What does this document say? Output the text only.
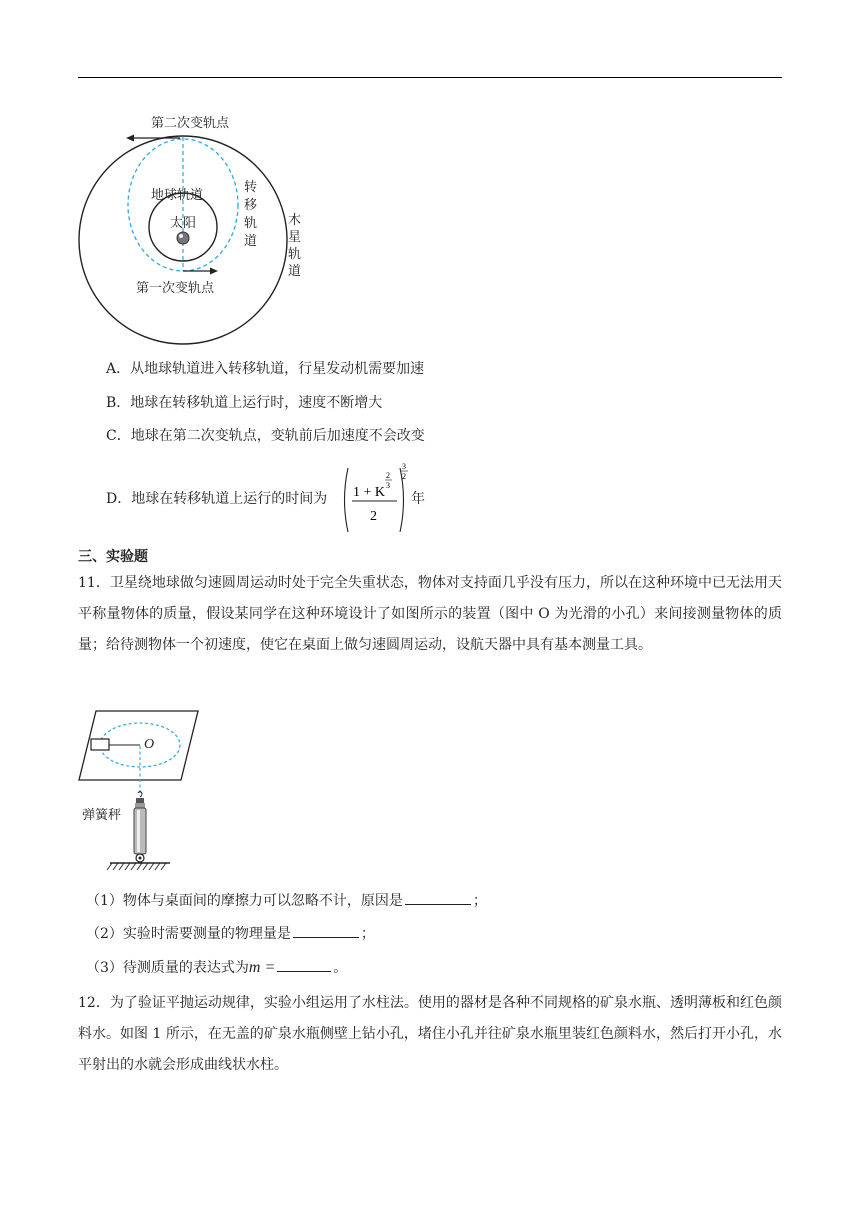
第二次变轨点
地球轨道
太阳
第一次变轨点
转
移
轨
道
木
星
轨
道
A．从地球轨道进入转移轨道，行星发动机需要加速
B．地球在转移轨道上运行时，速度不断增大
C．地球在第二次变轨点，变轨前后加速度不会改变
D．地球在转移轨道上运行的时间为 1 + K
2
3
2
3
2
年
三、实验题
11．卫星绕地球做匀速圆周运动时处于完全失重状态，物体对支持面几乎没有压力，所以在这种环境中已无法用天平称量物体的质量，假设某同学在这种环境设计了如图所示的装置（图中 O 为光滑的小孔）来间接测量物体的质量；给待测物体一个初速度，使它在桌面上做匀速圆周运动，设航天器中具有基本测量工具。
O
弹簧秤
（1）物体与桌面间的摩擦力可以忽略不计，原因是	；
（2）实验时需要测量的物理量是	；
（3）待测质量的表达式为m =	。
12．为了验证平抛运动规律，实验小组运用了水柱法。使用的器材是各种不同规格的矿泉水瓶、透明薄板和红色颜料水。如图 1 所示，在无盖的矿泉水瓶侧壁上钻小孔，堵住小孔并往矿泉水瓶里装红色颜料水，然后打开小孔，水平射出的水就会形成曲线状水柱。
